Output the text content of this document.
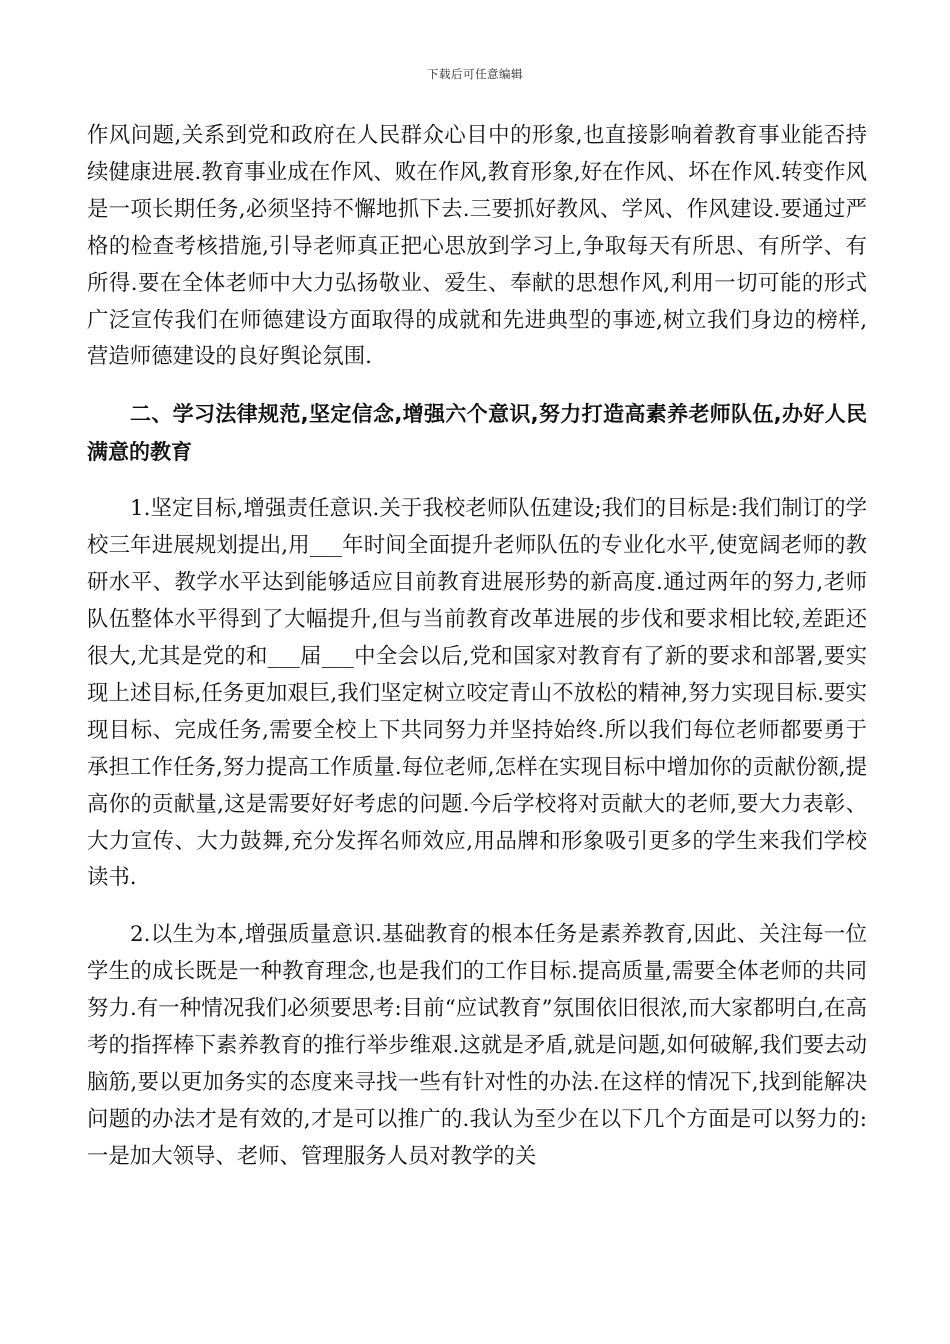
下载后可任意编辑

作风问题,关系到党和政府在人民群众心目中的形象,也直接影响着教育事业能否持续健康进展.教育事业成在作风、败在作风,教育形象,好在作风、坏在作风.转变作风是一项长期任务,必须坚持不懈地抓下去.三要抓好教风、学风、作风建设.要通过严格的检查考核措施,引导老师真正把心思放到学习上,争取每天有所思、有所学、有所得.要在全体老师中大力弘扬敬业、爱生、奉献的思想作风,利用一切可能的形式广泛宣传我们在师德建设方面取得的成就和先进典型的事迹,树立我们身边的榜样,营造师德建设的良好舆论氛围.

二、学习法律规范,坚定信念,增强六个意识,努力打造高素养老师队伍,办好人民满意的教育

1.坚定目标,增强责任意识.关于我校老师队伍建设;我们的目标是:我们制订的学校三年进展规划提出,用___年时间全面提升老师队伍的专业化水平,使宽阔老师的教研水平、教学水平达到能够适应目前教育进展形势的新高度.通过两年的努力,老师队伍整体水平得到了大幅提升,但与当前教育改革进展的步伐和要求相比较,差距还很大,尤其是党的和___届___中全会以后,党和国家对教育有了新的要求和部署,要实现上述目标,任务更加艰巨,我们坚定树立咬定青山不放松的精神,努力实现目标.要实现目标、完成任务,需要全校上下共同努力并坚持始终.所以我们每位老师都要勇于承担工作任务,努力提高工作质量.每位老师,怎样在实现目标中增加你的贡献份额,提高你的贡献量,这是需要好好考虑的问题.今后学校将对贡献大的老师,要大力表彰、大力宣传、大力鼓舞,充分发挥名师效应,用品牌和形象吸引更多的学生来我们学校读书.

2.以生为本,增强质量意识.基础教育的根本任务是素养教育,因此、关注每一位学生的成长既是一种教育理念,也是我们的工作目标.提高质量,需要全体老师的共同努力.有一种情况我们必须要思考:目前“应试教育”氛围依旧很浓,而大家都明白,在高考的指挥棒下素养教育的推行举步维艰.这就是矛盾,就是问题,如何破解,我们要去动脑筋,要以更加务实的态度来寻找一些有针对性的办法.在这样的情况下,找到能解决问题的办法才是有效的,才是可以推广的.我认为至少在以下几个方面是可以努力的:一是加大领导、老师、管理服务人员对教学的关
